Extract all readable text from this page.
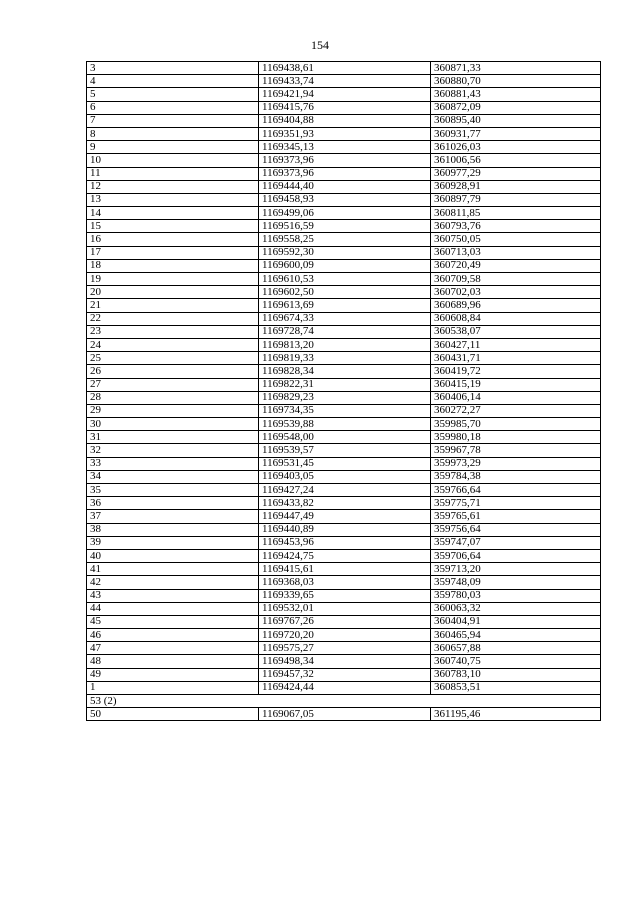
154
3	1169438,61	360871,33
4	1169433,74	360880,70
5	1169421,94	360881,43
6	1169415,76	360872,09
7	1169404,88	360895,40
8	1169351,93	360931,77
9	1169345,13	361026,03
10	1169373,96	361006,56
11	1169373,96	360977,29
12	1169444,40	360928,91
13	1169458,93	360897,79
14	1169499,06	360811,85
15	1169516,59	360793,76
16	1169558,25	360750,05
17	1169592,30	360713,03
18	1169600,09	360720,49
19	1169610,53	360709,58
20	1169602,50	360702,03
21	1169613,69	360689,96
22	1169674,33	360608,84
23	1169728,74	360538,07
24	1169813,20	360427,11
25	1169819,33	360431,71
26	1169828,34	360419,72
27	1169822,31	360415,19
28	1169829,23	360406,14
29	1169734,35	360272,27
30	1169539,88	359985,70
31	1169548,00	359980,18
32	1169539,57	359967,78
33	1169531,45	359973,29
34	1169403,05	359784,38
35	1169427,24	359766,64
36	1169433,82	359775,71
37	1169447,49	359765,61
38	1169440,89	359756,64
39	1169453,96	359747,07
40	1169424,75	359706,64
41	1169415,61	359713,20
42	1169368,03	359748,09
43	1169339,65	359780,03
44	1169532,01	360063,32
45	1169767,26	360404,91
46	1169720,20	360465,94
47	1169575,27	360657,88
48	1169498,34	360740,75
49	1169457,32	360783,10
1	1169424,44	360853,51
53 (2)		
50	1169067,05	361195,46
